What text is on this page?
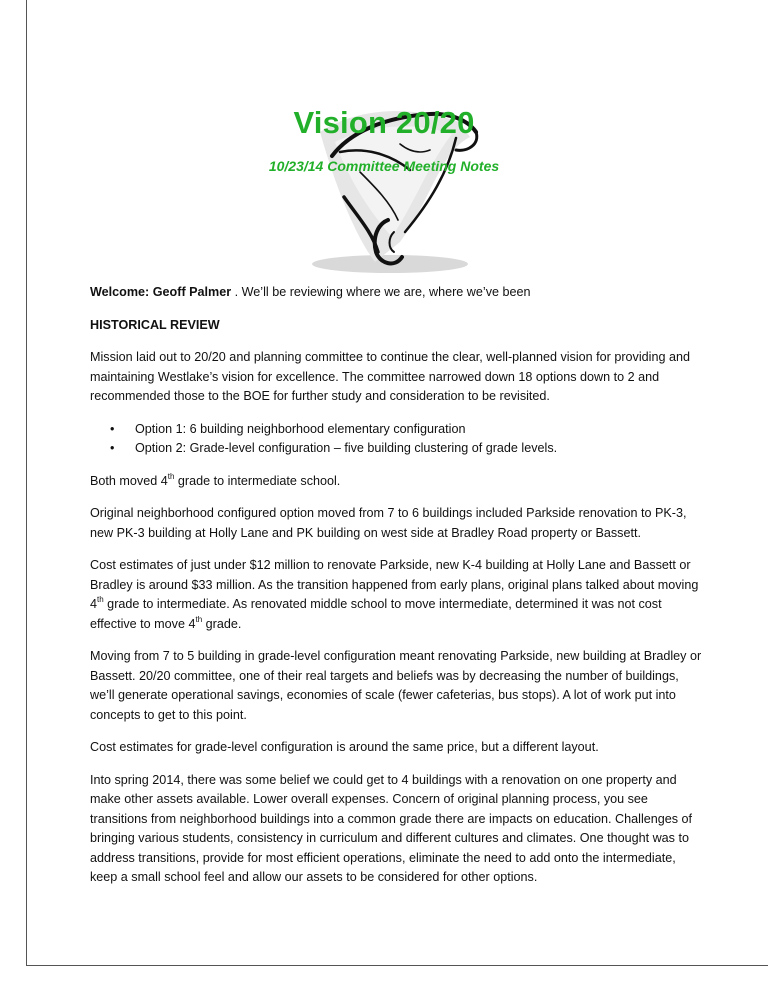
Vision 20/20
10/23/14 Committee Meeting Notes

Welcome: Geoff Palmer . We’ll be reviewing where we are, where we’ve been

HISTORICAL REVIEW

Mission laid out to 20/20 and planning committee to continue the clear, well-planned vision for providing and maintaining Westlake’s vision for excellence. The committee narrowed down 18 options down to 2 and recommended those to the BOE for further study and consideration to be revisited.

• Option 1: 6 building neighborhood elementary configuration
• Option 2: Grade-level configuration – five building clustering of grade levels.

Both moved 4th grade to intermediate school.

Original neighborhood configured option moved from 7 to 6 buildings included Parkside renovation to PK-3, new PK-3 building at Holly Lane and PK building on west side at Bradley Road property or Bassett.

Cost estimates of just under $12 million to renovate Parkside, new K-4 building at Holly Lane and Bassett or Bradley is around $33 million. As the transition happened from early plans, original plans talked about moving 4th grade to intermediate. As renovated middle school to move intermediate, determined it was not cost effective to move 4th grade.

Moving from 7 to 5 building in grade-level configuration meant renovating Parkside, new building at Bradley or Bassett. 20/20 committee, one of their real targets and beliefs was by decreasing the number of buildings, we’ll generate operational savings, economies of scale (fewer cafeterias, bus stops). A lot of work put into concepts to get to this point.

Cost estimates for grade-level configuration is around the same price, but a different layout.

Into spring 2014, there was some belief we could get to 4 buildings with a renovation on one property and make other assets available. Lower overall expenses. Concern of original planning process, you see transitions from neighborhood buildings into a common grade there are impacts on education. Challenges of bringing various students, consistency in curriculum and different cultures and climates. One thought was to address transitions, provide for most efficient operations, eliminate the need to add onto the intermediate, keep a small school feel and allow our assets to be considered for other options.
